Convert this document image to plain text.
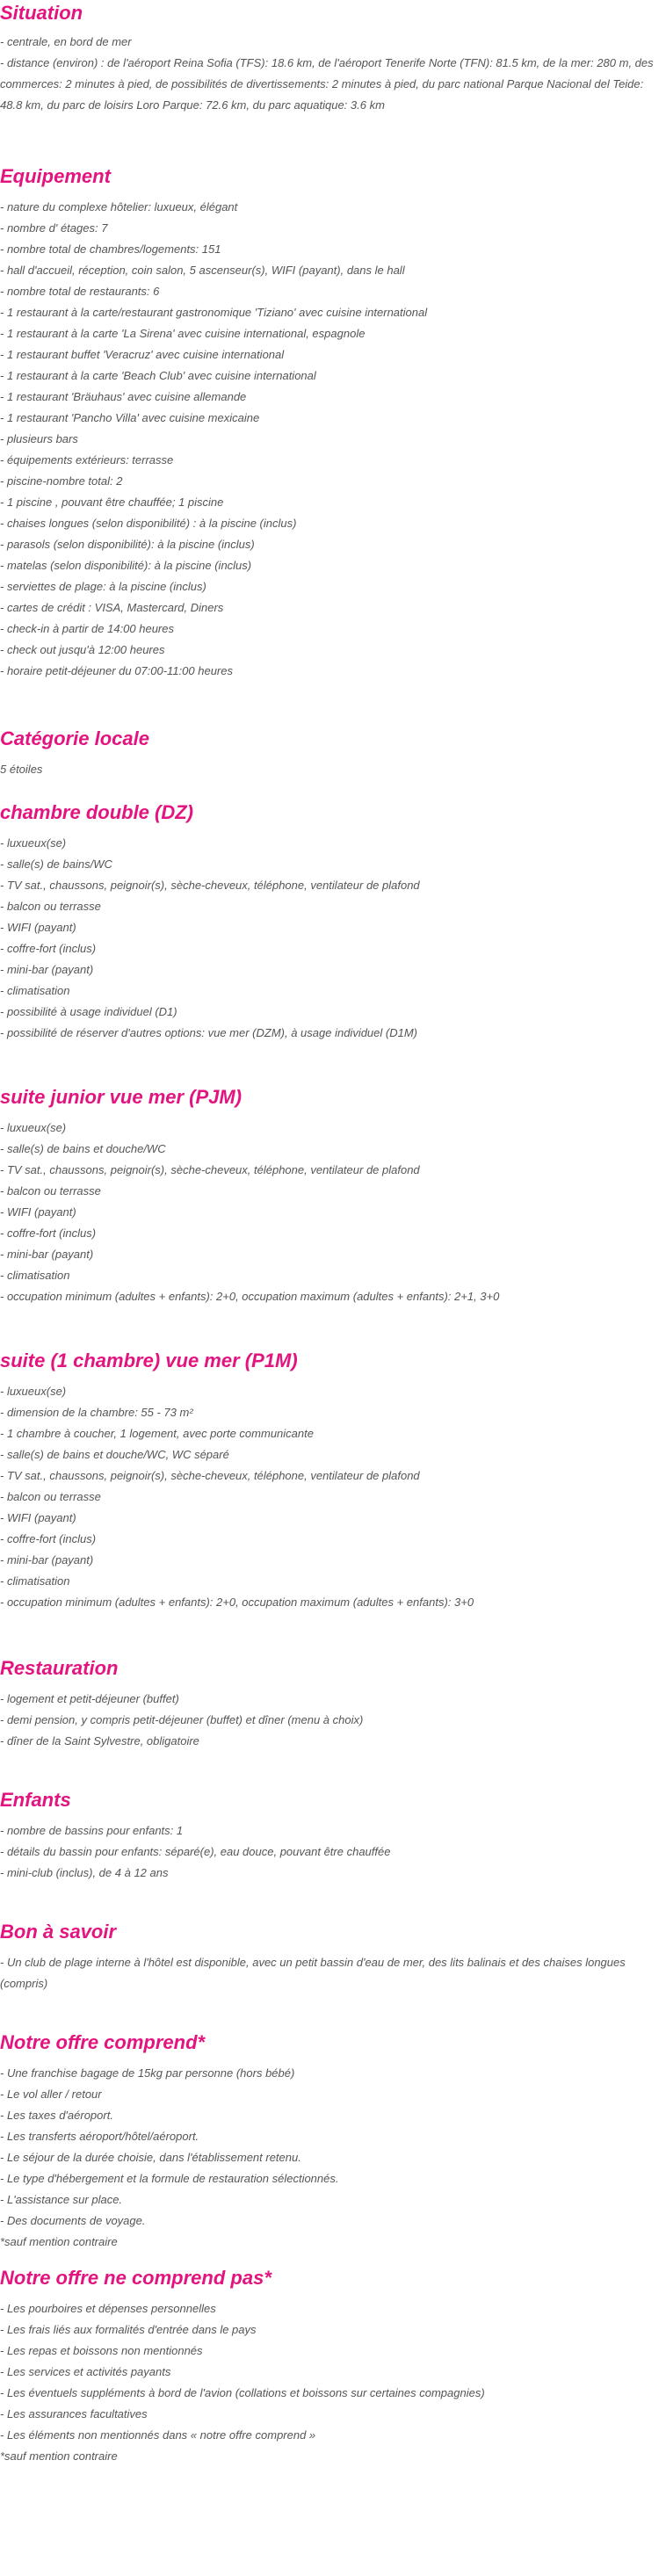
Situation

- centrale, en bord de mer

- distance (environ) : de l'aéroport Reina Sofia (TFS): 18.6 km, de l'aéroport Tenerife Norte (TFN): 81.5 km, de la mer: 280 m, des commerces: 2 minutes à pied, de possibilités de divertissements: 2 minutes à pied, du parc national Parque Nacional del Teide: 48.8 km, du parc de loisirs Loro Parque: 72.6 km, du parc aquatique: 3.6 km

Equipement

- nature du complexe hôtelier: luxueux, élégant

- nombre d' étages: 7

- nombre total de chambres/logements: 151

- hall d'accueil, réception, coin salon, 5 ascenseur(s), WIFI (payant), dans le hall

- nombre total de restaurants: 6

- 1 restaurant à la carte/restaurant gastronomique 'Tiziano' avec cuisine international

- 1 restaurant à la carte 'La Sirena' avec cuisine international, espagnole

- 1 restaurant buffet 'Veracruz' avec cuisine international

- 1 restaurant à la carte 'Beach Club' avec cuisine international

- 1 restaurant 'Bräuhaus' avec cuisine allemande

- 1 restaurant 'Pancho Villa' avec cuisine mexicaine

- plusieurs bars

- équipements extérieurs: terrasse

- piscine-nombre total: 2

- 1 piscine , pouvant être chauffée; 1 piscine

- chaises longues (selon disponibilité) : à la piscine (inclus)

- parasols (selon disponibilité): à la piscine (inclus)

- matelas (selon disponibilité): à la piscine (inclus)

- serviettes de plage: à la piscine (inclus)

- cartes de crédit : VISA, Mastercard, Diners

- check-in à partir de 14:00 heures

- check out jusqu'à 12:00 heures

- horaire petit-déjeuner du 07:00-11:00 heures

Catégorie locale

5 étoiles

chambre double (DZ)

- luxueux(se)

- salle(s) de bains/WC

- TV sat., chaussons, peignoir(s), sèche-cheveux, téléphone, ventilateur de plafond

- balcon ou terrasse

- WIFI (payant)

- coffre-fort (inclus)

- mini-bar (payant)

- climatisation

- possibilité à usage individuel (D1)

- possibilité de réserver d'autres options: vue mer (DZM), à usage individuel (D1M)

suite junior vue mer (PJM)

- luxueux(se)

- salle(s) de bains et douche/WC

- TV sat., chaussons, peignoir(s), sèche-cheveux, téléphone, ventilateur de plafond

- balcon ou terrasse

- WIFI (payant)

- coffre-fort (inclus)

- mini-bar (payant)

- climatisation

- occupation minimum (adultes + enfants): 2+0, occupation maximum (adultes + enfants): 2+1, 3+0

suite (1 chambre) vue mer (P1M)

- luxueux(se)

- dimension de la chambre: 55 - 73 m²

- 1 chambre à coucher, 1 logement, avec porte communicante

- salle(s) de bains et douche/WC, WC séparé

- TV sat., chaussons, peignoir(s), sèche-cheveux, téléphone, ventilateur de plafond

- balcon ou terrasse

- WIFI (payant)

- coffre-fort (inclus)

- mini-bar (payant)

- climatisation

- occupation minimum (adultes + enfants): 2+0, occupation maximum (adultes + enfants): 3+0

Restauration

- logement et petit-déjeuner (buffet)

- demi pension, y compris petit-déjeuner (buffet) et dîner (menu à choix)

- dîner de la Saint Sylvestre, obligatoire

Enfants

- nombre de bassins pour enfants: 1

- détails du bassin pour enfants: séparé(e), eau douce, pouvant être chauffée

- mini-club (inclus), de 4 à 12 ans

Bon à savoir

- Un club de plage interne à l'hôtel est disponible, avec un petit bassin d'eau de mer, des lits balinais et des chaises longues (compris)

Notre offre comprend*

- Une franchise bagage de 15kg par personne (hors bébé)

- Le vol aller / retour

- Les taxes d'aéroport.

- Les transferts aéroport/hôtel/aéroport.

- Le séjour de la durée choisie, dans l'établissement retenu.

- Le type d'hébergement et la formule de restauration sélectionnés.

- L'assistance sur place.

- Des documents de voyage.

*sauf mention contraire

Notre offre ne comprend pas*

- Les pourboires et dépenses personnelles

- Les frais liés aux formalités d'entrée dans le pays

- Les repas et boissons non mentionnés

- Les services et activités payants

- Les éventuels suppléments à bord de l'avion (collations et boissons sur certaines compagnies)

- Les assurances facultatives

- Les éléments non mentionnés dans « notre offre comprend »

*sauf mention contraire
